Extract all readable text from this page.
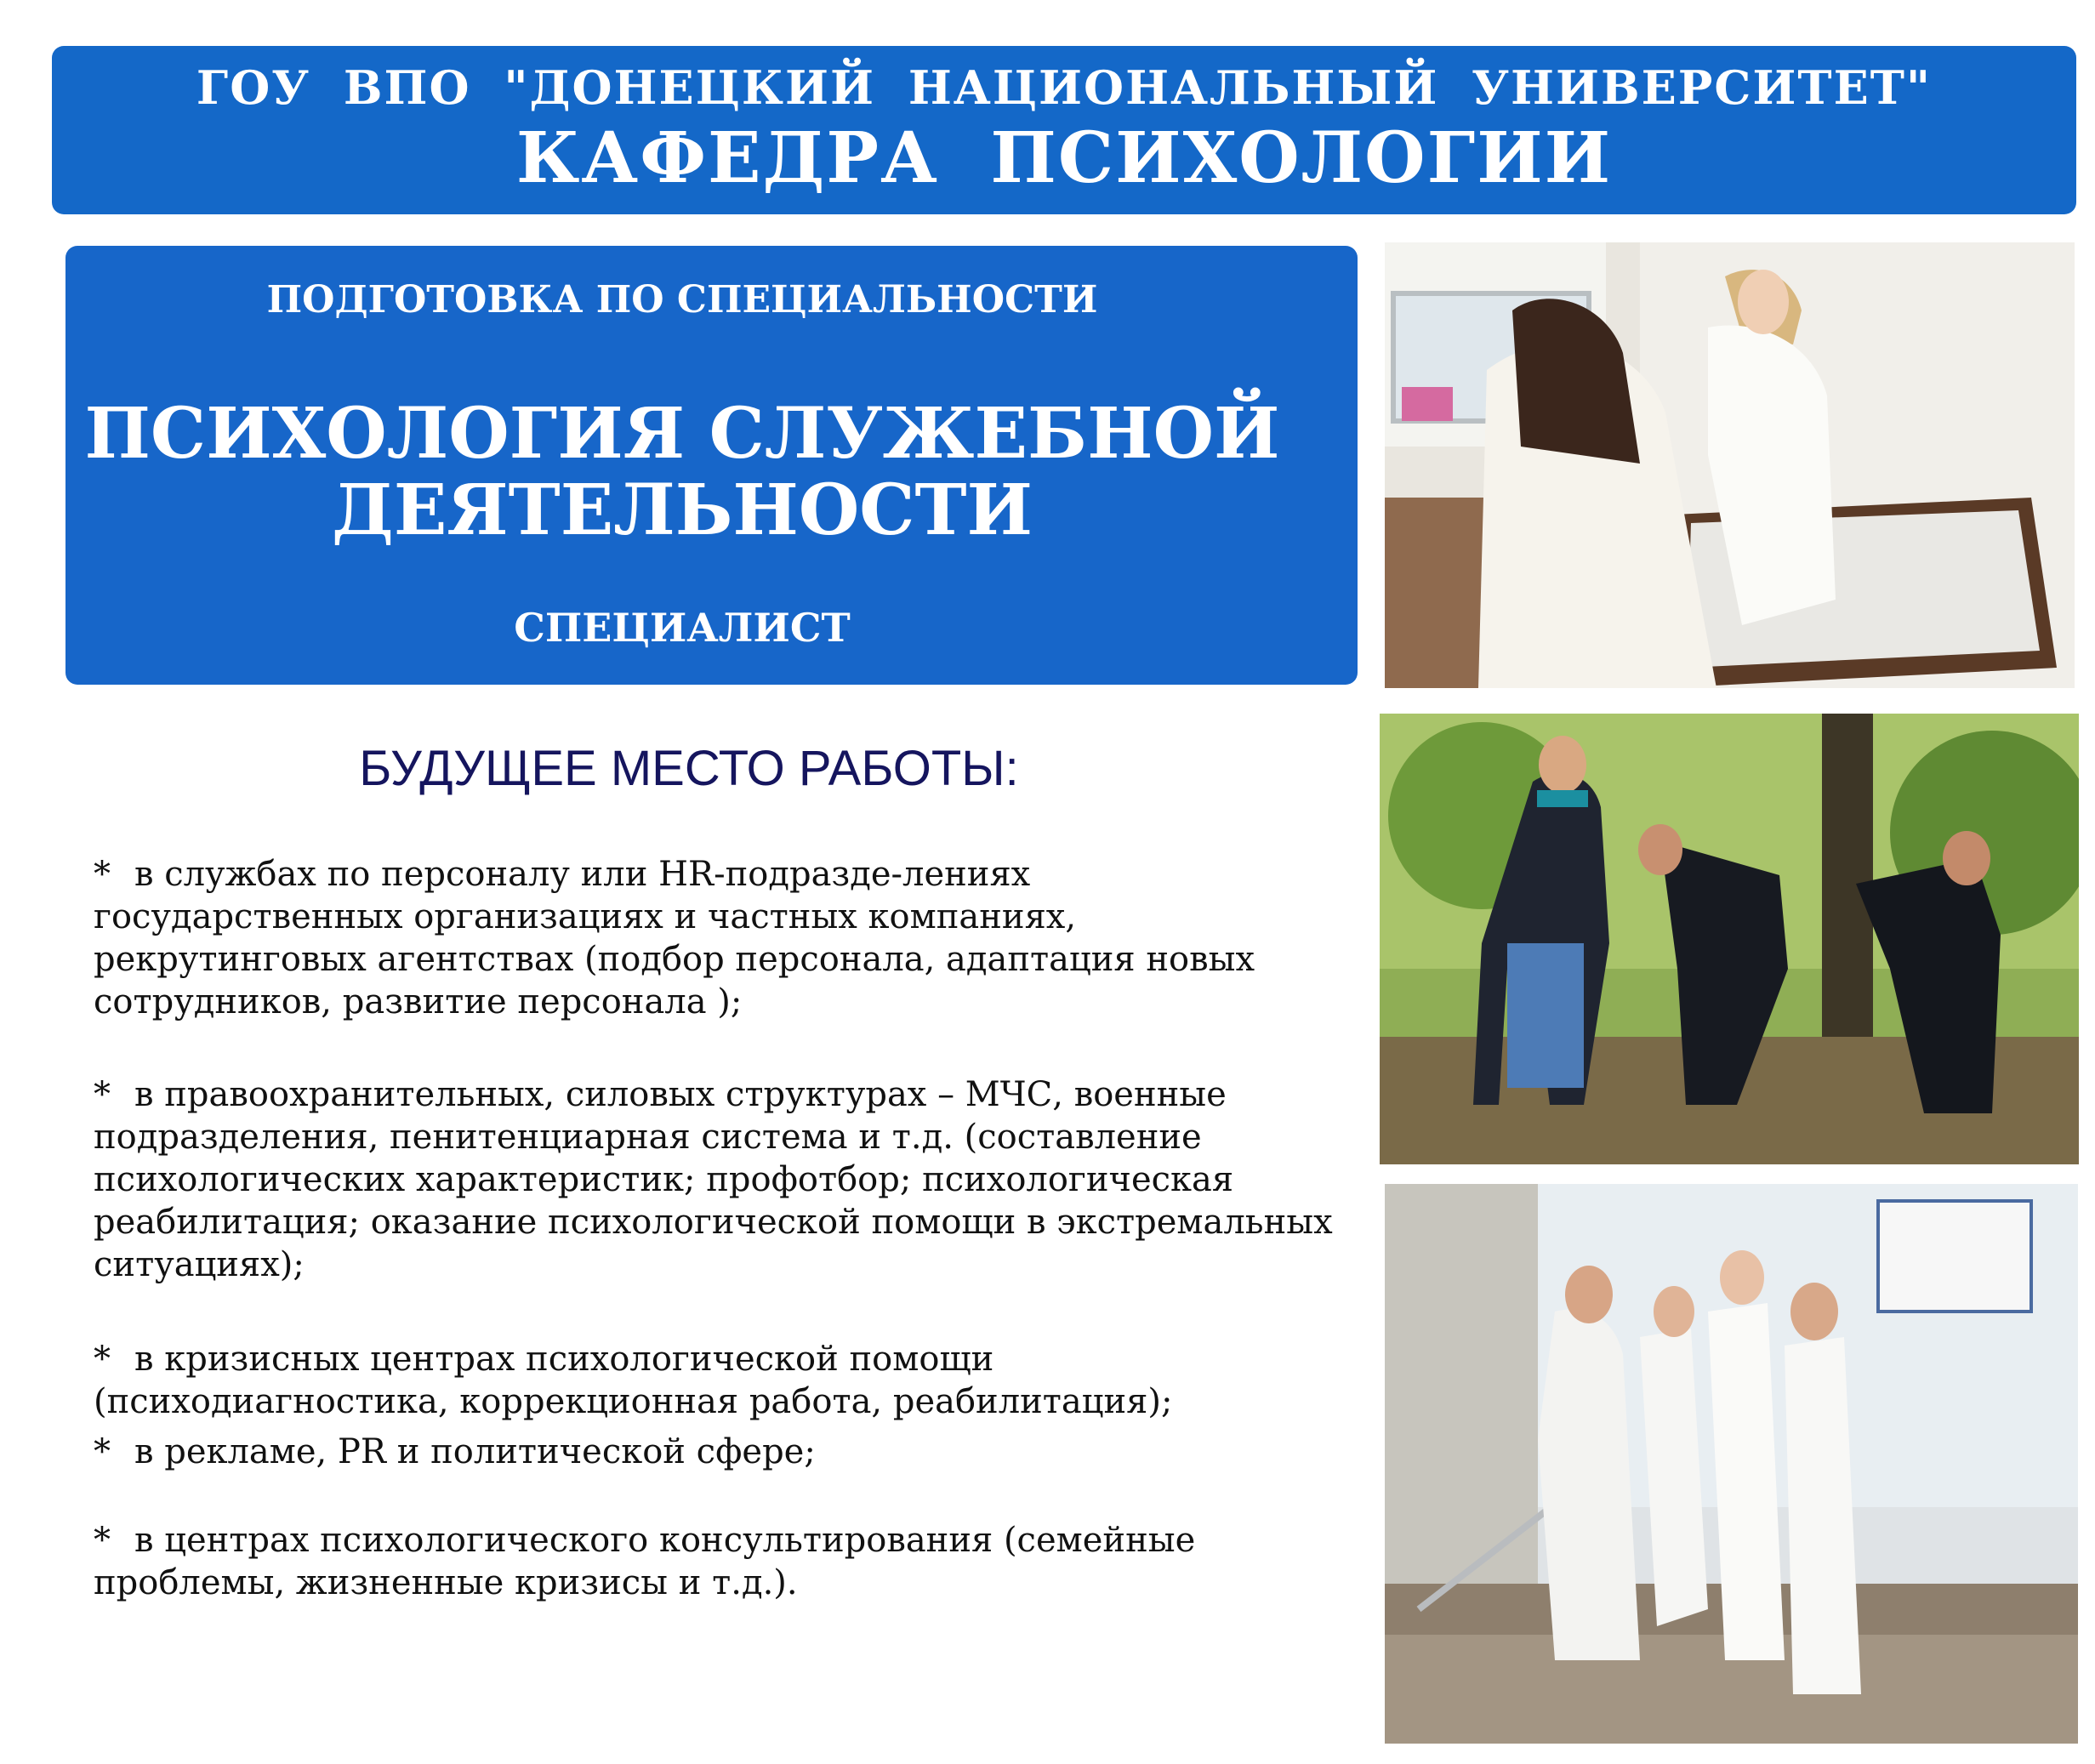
ГОУ ВПО "ДОНЕЦКИЙ НАЦИОНАЛЬНЫЙ УНИВЕРСИТЕТ"
КАФЕДРА ПСИХОЛОГИИ
ПОДГОТОВКА ПО СПЕЦИАЛЬНОСТИ
ПСИХОЛОГИЯ СЛУЖЕБНОЙ
ДЕЯТЕЛЬНОСТИ
СПЕЦИАЛИСТ
БУДУЩЕЕ МЕСТО РАБОТЫ:
* в службах по персоналу или HR-подразде-лениях государственных организациях и частных компаниях, рекрутинговых агентствах (подбор персонала, адаптация новых сотрудников, развитие персонала );
* в правоохранительных, силовых структурах – МЧС, военные подразделения, пенитенциарная система и т.д. (составление психологических характеристик; профотбор; психологическая реабилитация; оказание психологической помощи в экстремальных ситуациях);
* в кризисных центрах психологической помощи (психодиагностика, коррекционная работа, реабилитация);
* в рекламе, PR и политической сфере;
* в центрах психологического консультирования (семейные проблемы, жизненные кризисы и т.д.).
